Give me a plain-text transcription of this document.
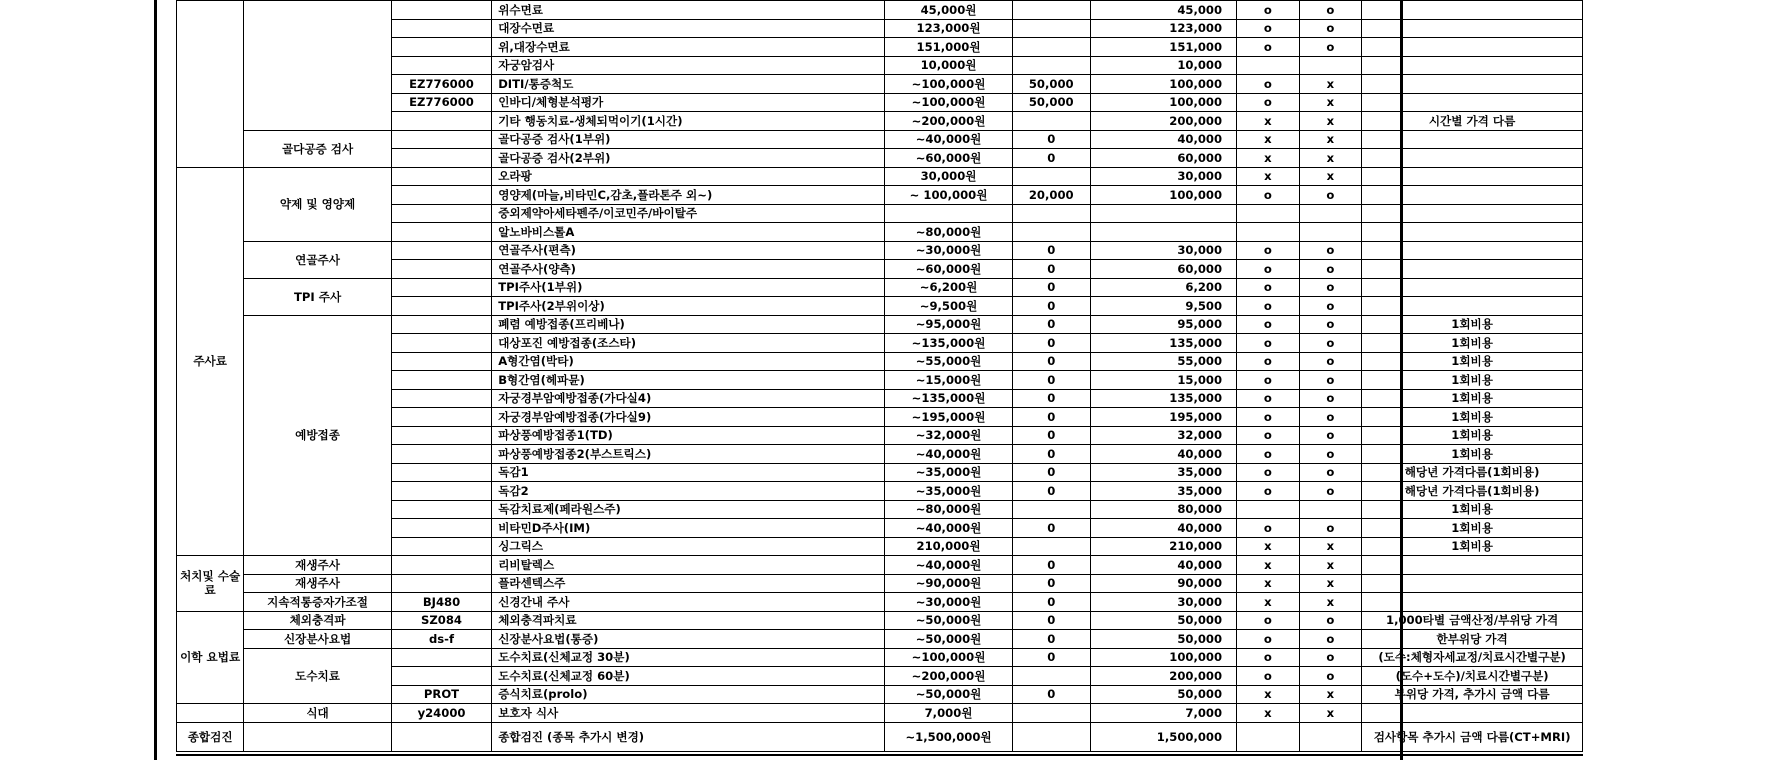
			위수면료	45,000원		45,000	o	o	
			대장수면료	123,000원		123,000	o	o	
			위,대장수면료	151,000원		151,000	o	o	
			자궁암검사	10,000원		10,000			
		EZ776000	DITI/통증척도	~100,000원	50,000	100,000	o	x	
		EZ776000	인바디/체형분석평가	~100,000원	50,000	100,000	o	x	
			기타 행동치료-생체되먹이기(1시간)	~200,000원		200,000	x	x	시간별 가격 다름
	골다공증 검사		골다공증 검사(1부위)	~40,000원	0	40,000	x	x	
			골다공증 검사(2부위)	~60,000원	0	60,000	x	x	
주사료	약제 및 영양제		오라팡	30,000원		30,000	x	x	
			영양제(마늘,비타민C,감초,플라톤주 외~)	~ 100,000원	20,000	100,000	o	o	
			중외제약아세타펜주/이코민주/바이탈주						
			알노바비스톨A	~80,000원					
	연골주사		연골주사(편측)	~30,000원	0	30,000	o	o	
			연골주사(양측)	~60,000원	0	60,000	o	o	
	TPI 주사		TPI주사(1부위)	~6,200원	0	6,200	o	o	
			TPI주사(2부위이상)	~9,500원	0	9,500	o	o	
	예방접종		폐렴 예방접종(프리베나)	~95,000원	0	95,000	o	o	1회비용
			대상포진 예방접종(조스타)	~135,000원	0	135,000	o	o	1회비용
			A형간염(박타)	~55,000원	0	55,000	o	o	1회비용
			B형간염(헤파뮨)	~15,000원	0	15,000	o	o	1회비용
			자궁경부암예방접종(가다실4)	~135,000원	0	135,000	o	o	1회비용
			자궁경부암예방접종(가다실9)	~195,000원	0	195,000	o	o	1회비용
			파상풍예방접종1(TD)	~32,000원	0	32,000	o	o	1회비용
			파상풍예방접종2(부스트릭스)	~40,000원	0	40,000	o	o	1회비용
			독감1	~35,000원	0	35,000	o	o	해당년 가격다름(1회비용)
			독감2	~35,000원	0	35,000	o	o	해당년 가격다름(1회비용)
			독감치료제(페라원스주)	~80,000원		80,000			1회비용
			비타민D주사(IM)	~40,000원	0	40,000	o	o	1회비용
			싱그릭스	210,000원		210,000	x	x	1회비용
처치및 수술료	재생주사		리비탈렉스	~40,000원	0	40,000	x	x	
	재생주사		플라센텍스주	~90,000원	0	90,000	x	x	
	지속적통증자가조절	BJ480	신경간내 주사	~30,000원	0	30,000	x	x	
이학 요법료	체외충격파	SZ084	체외충격파치료	~50,000원	0	50,000	o	o	1,000타별 금액산정/부위당 가격
	신장분사요법	ds-f	신장분사요법(통증)	~50,000원	0	50,000	o	o	한부위당 가격
	도수치료		도수치료(신체교정 30분)	~100,000원	0	100,000	o	o	(도수:체형자세교정/치료시간별구분)
			도수치료(신체교정 60분)	~200,000원		200,000	o	o	(도수+도수)/치료시간별구분)
		PROT	증식치료(prolo)	~50,000원	0	50,000	x	x	부위당 가격, 추가시 금액 다름
	식대	y24000	보호자 식사	7,000원		7,000	x	x	
종합검진			종합검진 (종목 추가시 변경)	~1,500,000원		1,500,000			검사항목 추가시 금액 다름(CT+MRI)
